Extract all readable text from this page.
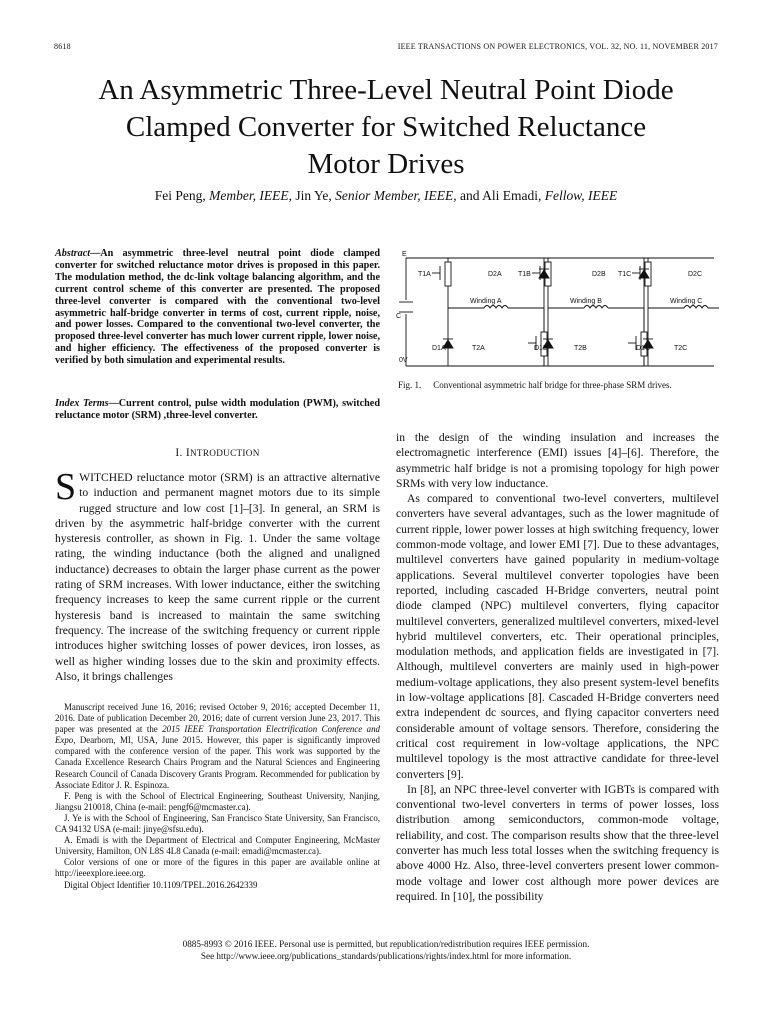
8618	IEEE TRANSACTIONS ON POWER ELECTRONICS, VOL. 32, NO. 11, NOVEMBER 2017
An Asymmetric Three-Level Neutral Point Diode
Clamped Converter for Switched Reluctance
Motor Drives
Fei Peng, Member, IEEE, Jin Ye, Senior Member, IEEE, and Ali Emadi, Fellow, IEEE
Abstract—An asymmetric three-level neutral point diode clamped converter for switched reluctance motor drives is proposed in this paper. The modulation method, the dc-link voltage balancing algorithm, and the current control scheme of this converter are presented. The proposed three-level converter is compared with the conventional two-level asymmetric half-bridge converter in terms of cost, current ripple, noise, and power losses. Compared to the conventional two-level converter, the proposed three-level converter has much lower current ripple, lower noise, and higher efficiency. The effectiveness of the proposed converter is verified by both simulation and experimental results.
Index Terms—Current control, pulse width modulation (PWM), switched reluctance motor (SRM) ,three-level converter.
I. INTRODUCTION
SWITCHED reluctance motor (SRM) is an attractive alternative to induction and permanent magnet motors due to its simple rugged structure and low cost [1]–[3]. In general, an SRM is driven by the asymmetric half-bridge converter with the current hysteresis controller, as shown in Fig. 1. Under the same voltage rating, the winding inductance (both the aligned and unaligned inductance) decreases to obtain the larger phase current as the power rating of SRM increases. With lower inductance, either the switching frequency increases to keep the same current ripple or the current hysteresis band is increased to maintain the same switching frequency. The increase of the switching frequency or current ripple introduces higher switching losses of power devices, iron losses, as well as higher winding losses due to the skin and proximity effects. Also, it brings challenges

Manuscript received June 16, 2016; revised October 9, 2016; accepted December 11, 2016. Date of publication December 20, 2016; date of current version June 23, 2017. This paper was presented at the 2015 IEEE Transportation Electrification Conference and Expo, Dearborn, MI, USA, June 2015. However, this paper is significantly improved compared with the conference version of the paper. This work was supported by the Canada Excellence Research Chairs Program and the Natural Sciences and Engineering Research Council of Canada Discovery Grants Program. Recommended for publication by Associate Editor J. R. Espinoza.

F. Peng is with the School of Electrical Engineering, Southeast University, Nanjing, Jiangsu 210018, China (e-mail: pengf6@mcmaster.ca).

J. Ye is with the School of Engineering, San Francisco State University, San Francisco, CA 94132 USA (e-mail: jinye@sfsu.edu).

A. Emadi is with the Department of Electrical and Computer Engineering, McMaster University, Hamilton, ON L8S 4L8 Canada (e-mail: emadi@mcmaster.ca).

Color versions of one or more of the figures in this paper are available online at http://ieeexplore.ieee.org.

Digital Object Identifier 10.1109/TPEL.2016.2642339

E
C
0V
T1A	D2A T1B	D2B T1C	D2C
Winding A	Winding B	Winding C
D1A	T2A	D1B	T2B	D1C	T2C
Fig. 1. Conventional asymmetric half bridge for three-phase SRM drives.

in the design of the winding insulation and increases the electromagnetic interference (EMI) issues [4]–[6]. Therefore, the asymmetric half bridge is not a promising topology for high power SRMs with very low inductance.

As compared to conventional two-level converters, multilevel converters have several advantages, such as the lower magnitude of current ripple, lower power losses at high switching frequency, lower common-mode voltage, and lower EMI [7]. Due to these advantages, multilevel converters have gained popularity in medium-voltage applications. Several multilevel converter topologies have been reported, including cascaded H-Bridge converters, neutral point diode clamped (NPC) multilevel converters, flying capacitor multilevel converters, generalized multilevel converters, mixed-level hybrid multilevel converters, etc. Their operational principles, modulation methods, and application fields are investigated in [7]. Although, multilevel converters are mainly used in high-power medium-voltage applications, they also present system-level benefits in low-voltage applications [8]. Cascaded H-Bridge converters need extra independent dc sources, and flying capacitor converters need considerable amount of voltage sensors. Therefore, considering the critical cost requirement in low-voltage applications, the NPC multilevel topology is the most attractive candidate for three-level converters [9].

In [8], an NPC three-level converter with IGBTs is compared with conventional two-level converters in terms of power losses, loss distribution among semiconductors, common-mode voltage, reliability, and cost. The comparison results show that the three-level converter has much less total losses when the switching frequency is above 4000 Hz. Also, three-level converters present lower common-mode voltage and lower cost although more power devices are required. In [10], the possibility

0885-8993 © 2016 IEEE. Personal use is permitted, but republication/redistribution requires IEEE permission.
See http://www.ieee.org/publications_standards/publications/rights/index.html for more information.
